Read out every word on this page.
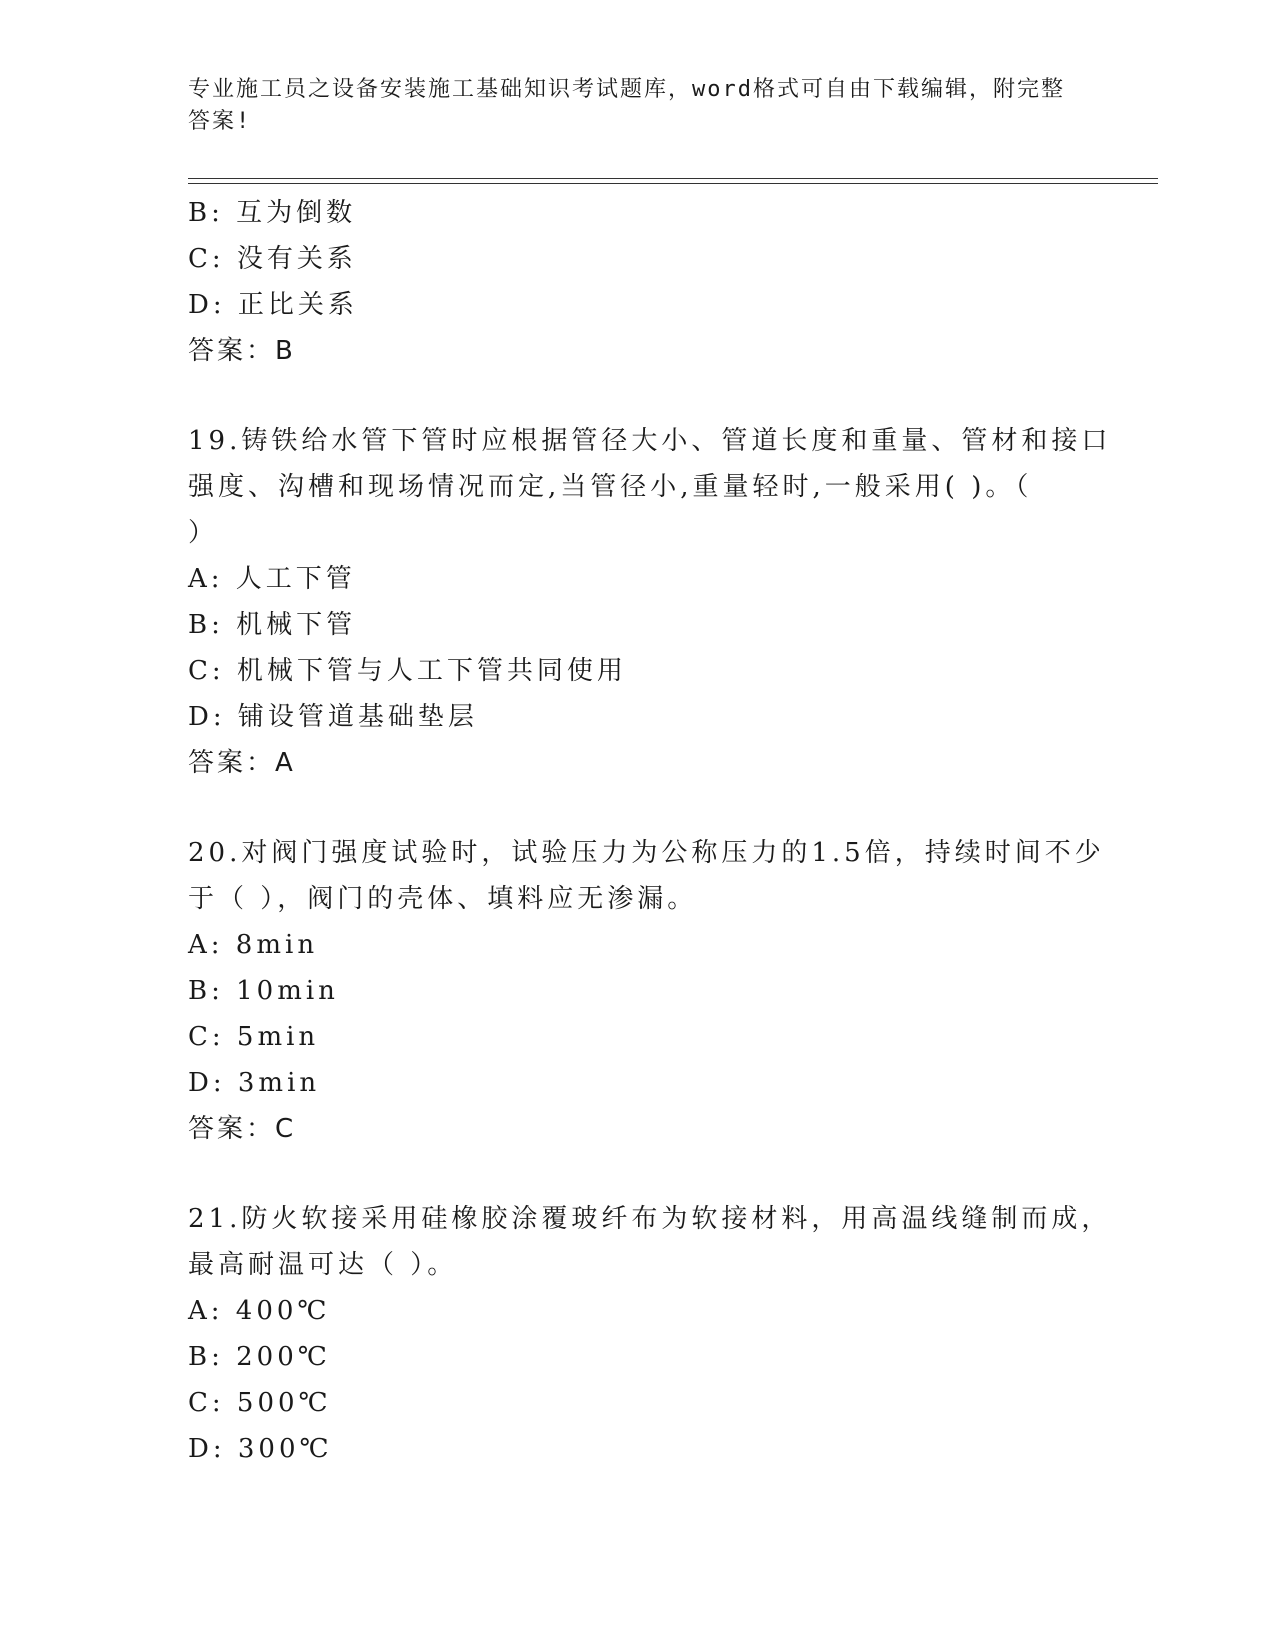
专业施工员之设备安装施工基础知识考试题库，word格式可自由下载编辑，附完整答案!
B: 互为倒数
C: 没有关系
D: 正比关系
答案：B
19.铸铁给水管下管时应根据管径大小、管道长度和重量、管材和接口
强度、沟槽和现场情况而定,当管径小,重量轻时,一般采用( )。（
）
A: 人工下管
B: 机械下管
C: 机械下管与人工下管共同使用
D: 铺设管道基础垫层
答案：A
20.对阀门强度试验时，试验压力为公称压力的1.5倍，持续时间不少
于（ ），阀门的壳体、填料应无渗漏。
A: 8min
B: 10min
C: 5min
D: 3min
答案：C
21.防火软接采用硅橡胶涂覆玻纤布为软接材料，用高温线缝制而成，
最高耐温可达（ ）。
A: 400℃
B: 200℃
C: 500℃
D: 300℃
